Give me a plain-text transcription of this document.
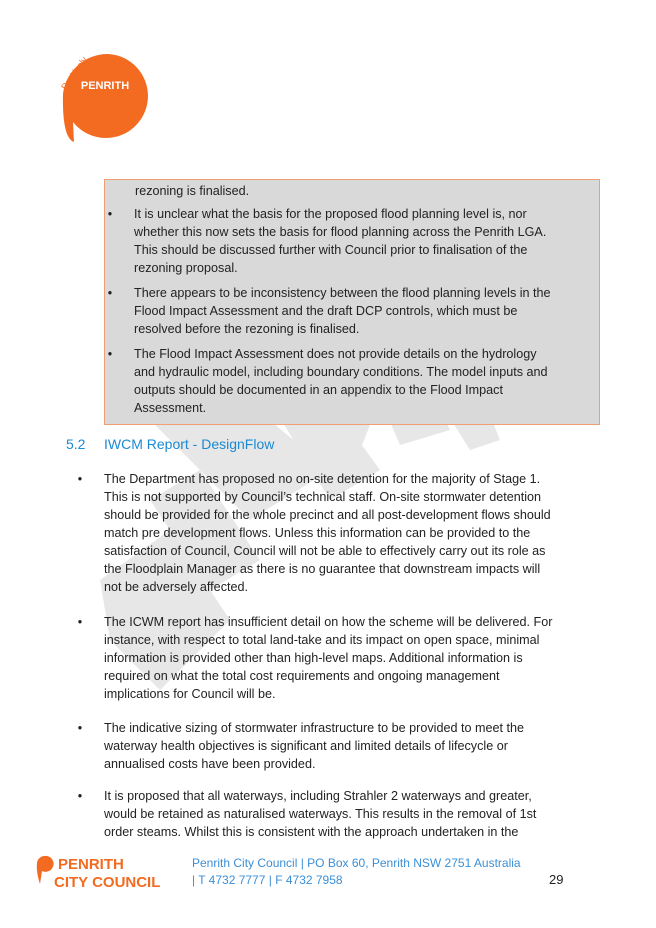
PENRITH
Positively
rezoning is finalised.
•	It is unclear what the basis for the proposed flood planning level is, nor
whether this now sets the basis for flood planning across the Penrith LGA.
This should be discussed further with Council prior to finalisation of the
rezoning proposal.
•	There appears to be inconsistency between the flood planning levels in the
Flood Impact Assessment and the draft DCP controls, which must be
resolved before the rezoning is finalised.
•	The Flood Impact Assessment does not provide details on the hydrology
and hydraulic model, including boundary conditions. The model inputs and
outputs should be documented in an appendix to the Flood Impact
Assessment.
5.2 IWCM Report - DesignFlow
•	The Department has proposed no on-site detention for the majority of Stage 1.
This is not supported by Council’s technical staff. On-site stormwater detention
should be provided for the whole precinct and all post-development flows should
match pre development flows. Unless this information can be provided to the
satisfaction of Council, Council will not be able to effectively carry out its role as
the Floodplain Manager as there is no guarantee that downstream impacts will
not be adversely affected.
•	The ICWM report has insufficient detail on how the scheme will be delivered. For
instance, with respect to total land-take and its impact on open space, minimal
information is provided other than high-level maps. Additional information is
required on what the total cost requirements and ongoing management
implications for Council will be.
•	The indicative sizing of stormwater infrastructure to be provided to meet the
waterway health objectives is significant and limited details of lifecycle or
annualised costs have been provided.
•	It is proposed that all waterways, including Strahler 2 waterways and greater,
would be retained as naturalised waterways. This results in the removal of 1st
order steams. Whilst this is consistent with the approach undertaken in the
PENRITH
CITY COUNCIL
Penrith City Council | PO Box 60, Penrith NSW 2751 Australia
| T 4732 7777 | F 4732 7958	29
